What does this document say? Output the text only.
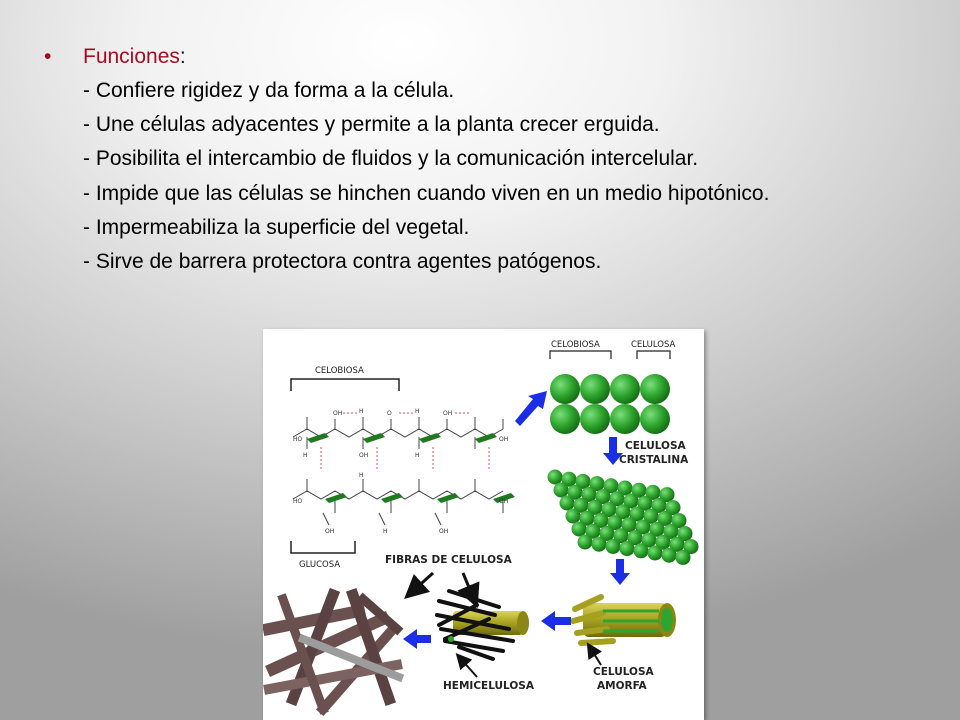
• Funciones:
- Confiere rigidez y da forma a la célula.
- Une células adyacentes y permite a la planta crecer erguida.
- Posibilita el intercambio de fluidos y la comunicación intercelular.
- Impide que las células se hinchen cuando viven en un medio hipotónico.
- Impermeabiliza la superficie del vegetal.
- Sirve de barrera protectora contra agentes patógenos.
CELOBIOSA
HO
OH	H	O	H	OH
OH
H	OH	H
HO
H
OH	H
OH
OH
GLUCOSA
CELOBIOSA	CELULOSA
CELULOSA
CRISTALINA
CELULOSA
AMORFA
HEMICELULOSA
FIBRAS DE CELULOSA
